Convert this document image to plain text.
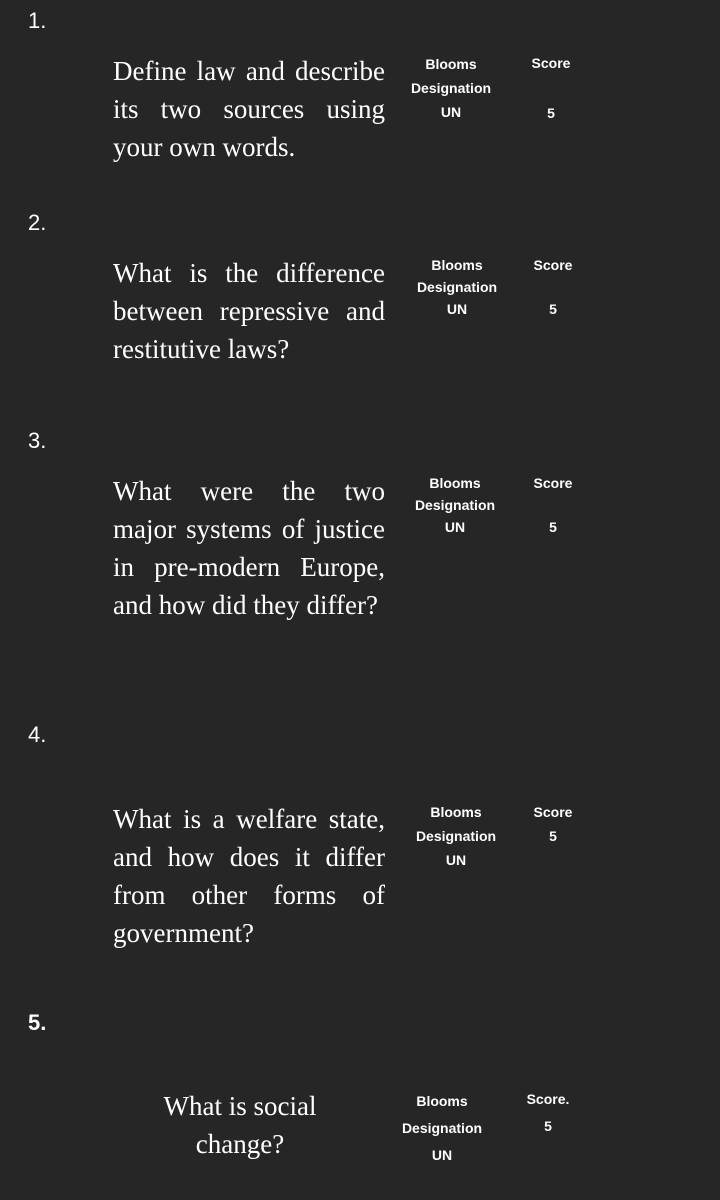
1.
Define law and describe its two sources using your own words.
Blooms
Designation
UN
Score
5
2.
What is the difference between repressive and restitutive laws?
Blooms
Designation
UN
Score
5
3.
What were the two major systems of justice in pre-modern Europe, and how did they differ?
Blooms
Designation
UN
Score
5
4.
What is a welfare state, and how does it differ from other forms of government?
Blooms
Designation
UN
Score
5
5.
What is social change?
Blooms
Designation
UN
Score.
5
